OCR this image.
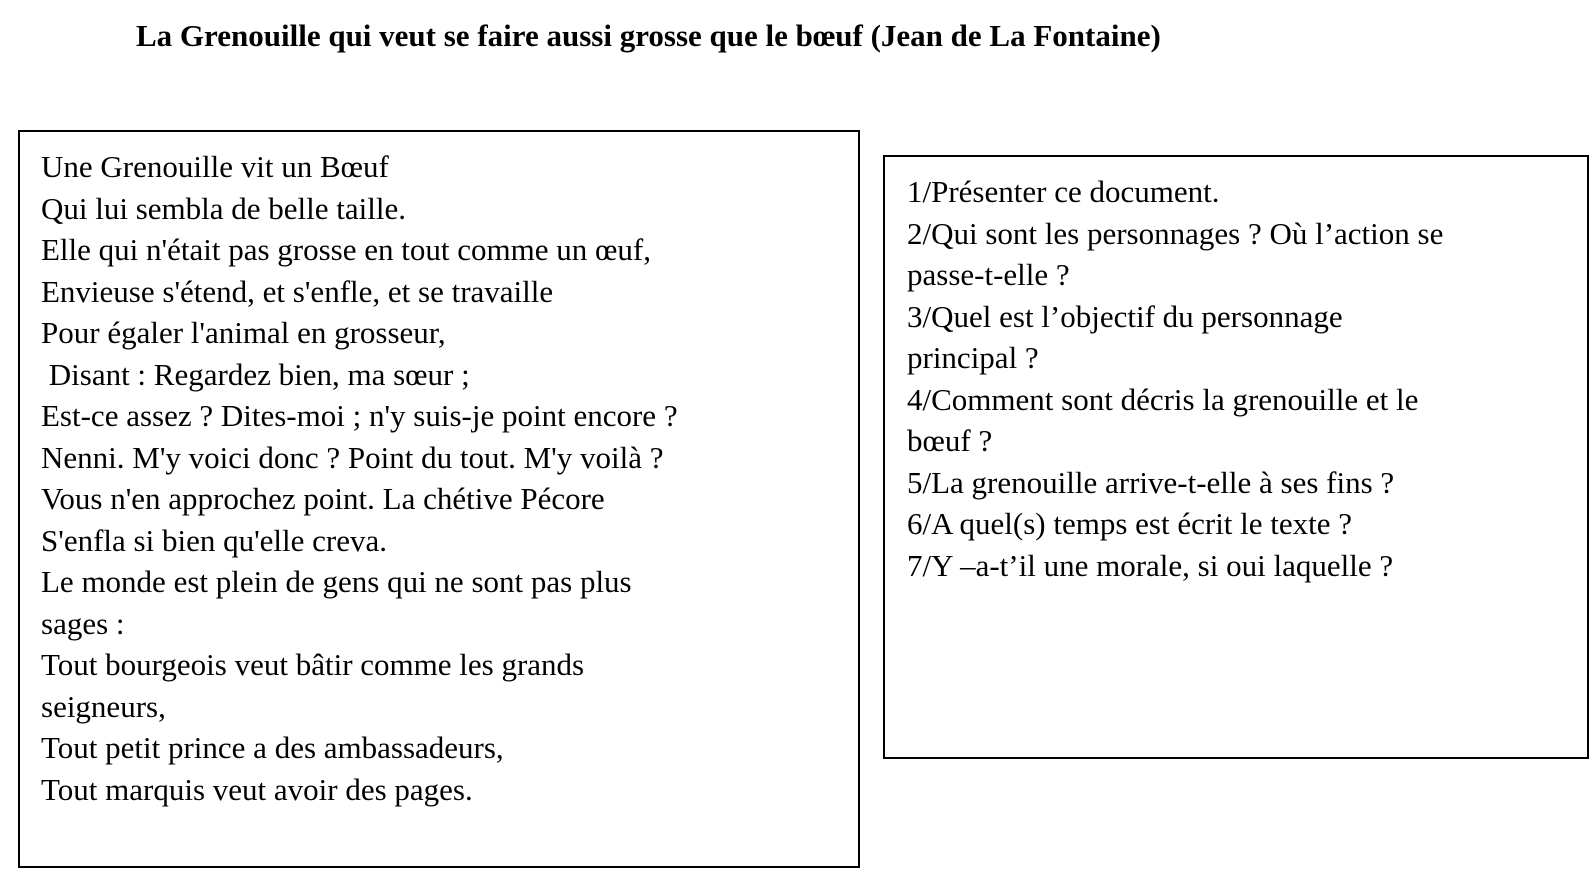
La Grenouille qui veut se faire aussi grosse que le bœuf (Jean de La Fontaine)
Une Grenouille vit un Bœuf
Qui lui sembla de belle taille.
Elle qui n'était pas grosse en tout comme un œuf,
Envieuse s'étend, et s'enfle, et se travaille
Pour égaler l'animal en grosseur,
Disant : Regardez bien, ma sœur ;
Est-ce assez ? Dites-moi ; n'y suis-je point encore ?
Nenni. M'y voici donc ? Point du tout. M'y voilà ?
Vous n'en approchez point. La chétive Pécore
S'enfla si bien qu'elle creva.
Le monde est plein de gens qui ne sont pas plus
sages :
Tout bourgeois veut bâtir comme les grands
seigneurs,
Tout petit prince a des ambassadeurs,
Tout marquis veut avoir des pages.
1/Présenter ce document.
2/Qui sont les personnages ? Où l’action se
passe-t-elle ?
3/Quel est l’objectif du personnage
principal ?
4/Comment sont décris la grenouille et le
bœuf ?
5/La grenouille arrive-t-elle à ses fins ?
6/A quel(s) temps est écrit le texte ?
7/Y –a-t’il une morale, si oui laquelle ?
